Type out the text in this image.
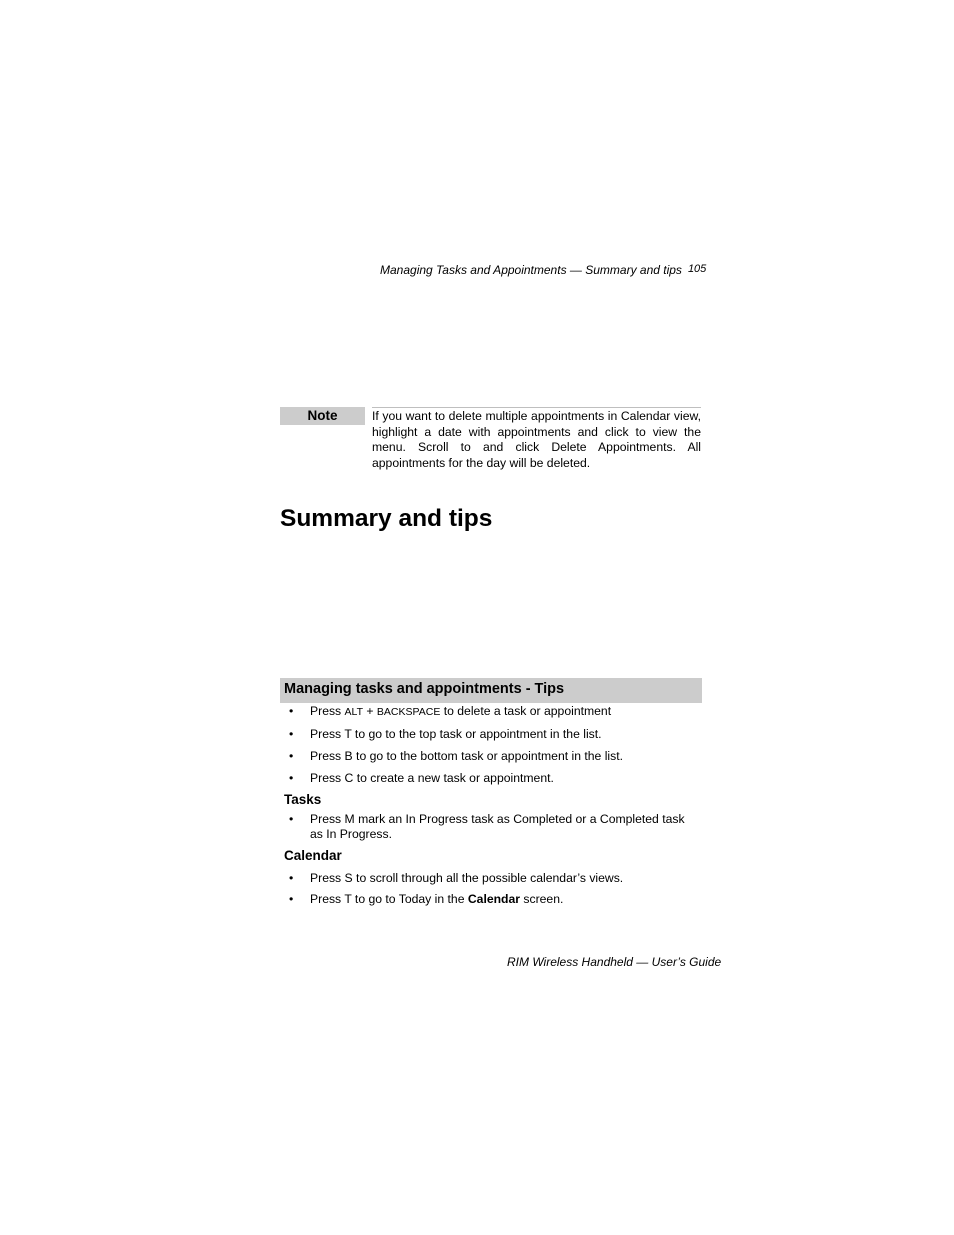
Managing Tasks and Appointments — Summary and tips 105
Note	If you want to delete multiple appointments in Calendar view, highlight a date with appointments and click to view the menu. Scroll to and click Delete Appointments. All appointments for the day will be deleted.
Summary and tips
Managing tasks and appointments - Tips
• Press ALT + BACKSPACE to delete a task or appointment
• Press T to go to the top task or appointment in the list.
• Press B to go to the bottom task or appointment in the list.
• Press C to create a new task or appointment.
Tasks
• Press M mark an In Progress task as Completed or a Completed task as In Progress.
Calendar
• Press S to scroll through all the possible calendar’s views.
• Press T to go to Today in the Calendar screen.
RIM Wireless Handheld — User’s Guide
